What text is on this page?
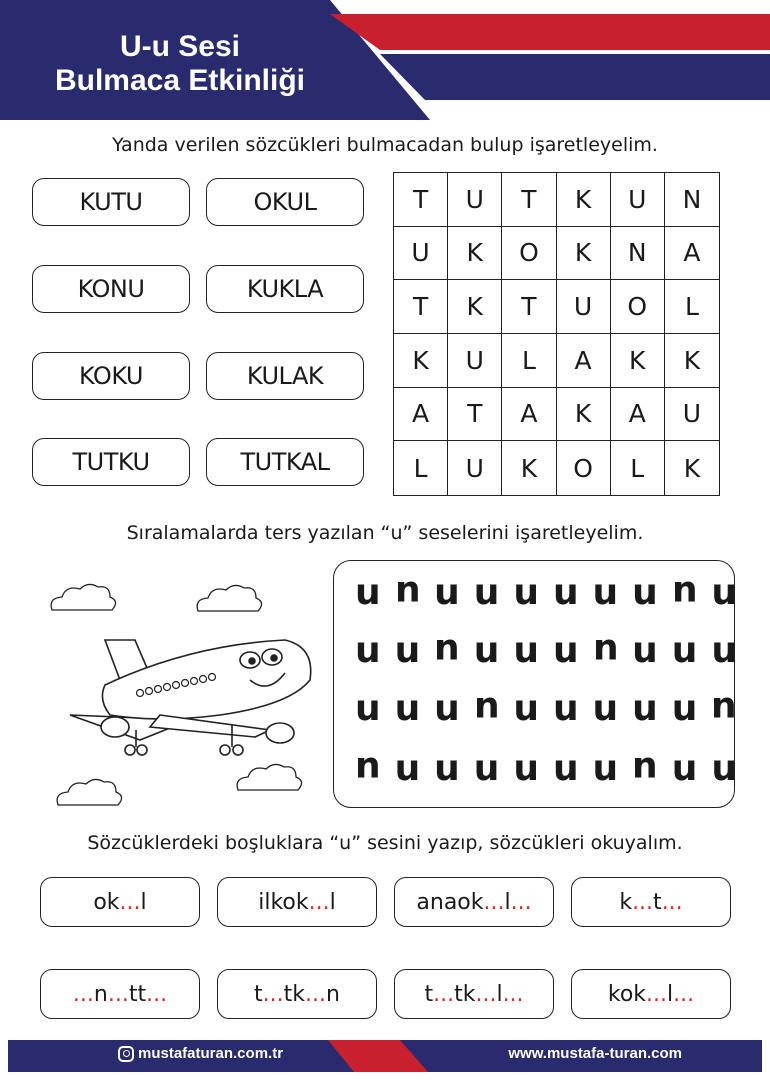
U-u Sesi
Bulmaca Etkinliği
Yanda verilen sözcükleri bulmacadan bulup işaretleyelim.
KUTU	OKUL
KONU	KUKLA
KOKU	KULAK
TUTKU	TUTKAL
T	U	T	K	U	N
U	K	O	K	N	A
T	K	T	U	O	L
K	U	L	A	K	K
A	T	A	K	A	U
L	U	K	O	L	K
Sıralamalarda ters yazılan “u” seselerini işaretleyelim.
u u u u u u u u u u
u u u u u u u u u u
u u u u u u u u u u
u u u u u u u u u u
Sözcüklerdeki boşluklara “u” sesini yazıp, sözcükleri okuyalım.
ok ... l	ilkok ... l	anaok ... l ...	k ... t ...
... n ... tt ...	t ... tk ... n	t ... tk ... l ...	kok ... l ...
mustafaturan.com.tr	www.mustafa-turan.com
